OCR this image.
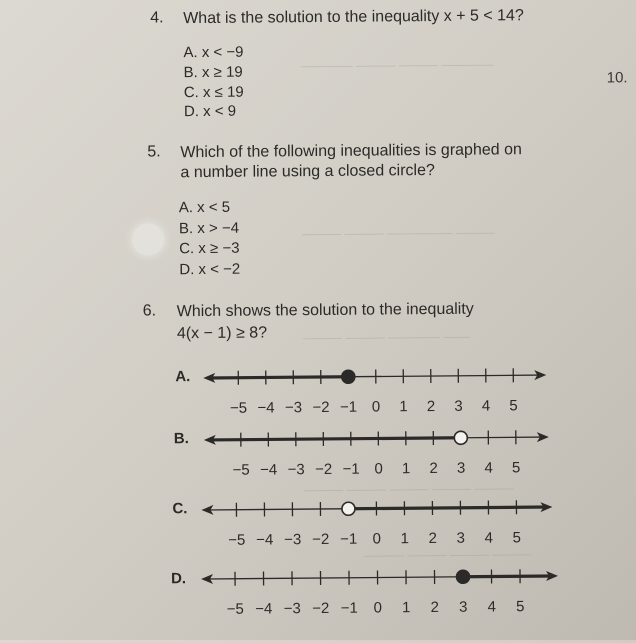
———— ——— ——— ————
——— ——— ————— ———
——— ——— ———— ——
——— ——— ——— ——— ———
——— ——— ——— ———
10.
4. What is the solution to the inequality x + 5 < 14?
A. x < −9
B. x ≥ 19
C. x ≤ 19
D. x < 9
5. Which of the following inequalities is graphed on
a number line using a closed circle?
A. x < 5
B. x > −4
C. x ≥ −3
D. x < −2
6. Which shows the solution to the inequality
4(x − 1) ≥ 8?
A.
−5 −4 −3 −2 −1 0 1 2 3 4 5
B.
−5 −4 −3 −2 −1 0 1 2 3 4 5
C.
−5 −4 −3 −2 −1 0 1 2 3 4 5
D.
−5 −4 −3 −2 −1 0 1 2 3 4 5
